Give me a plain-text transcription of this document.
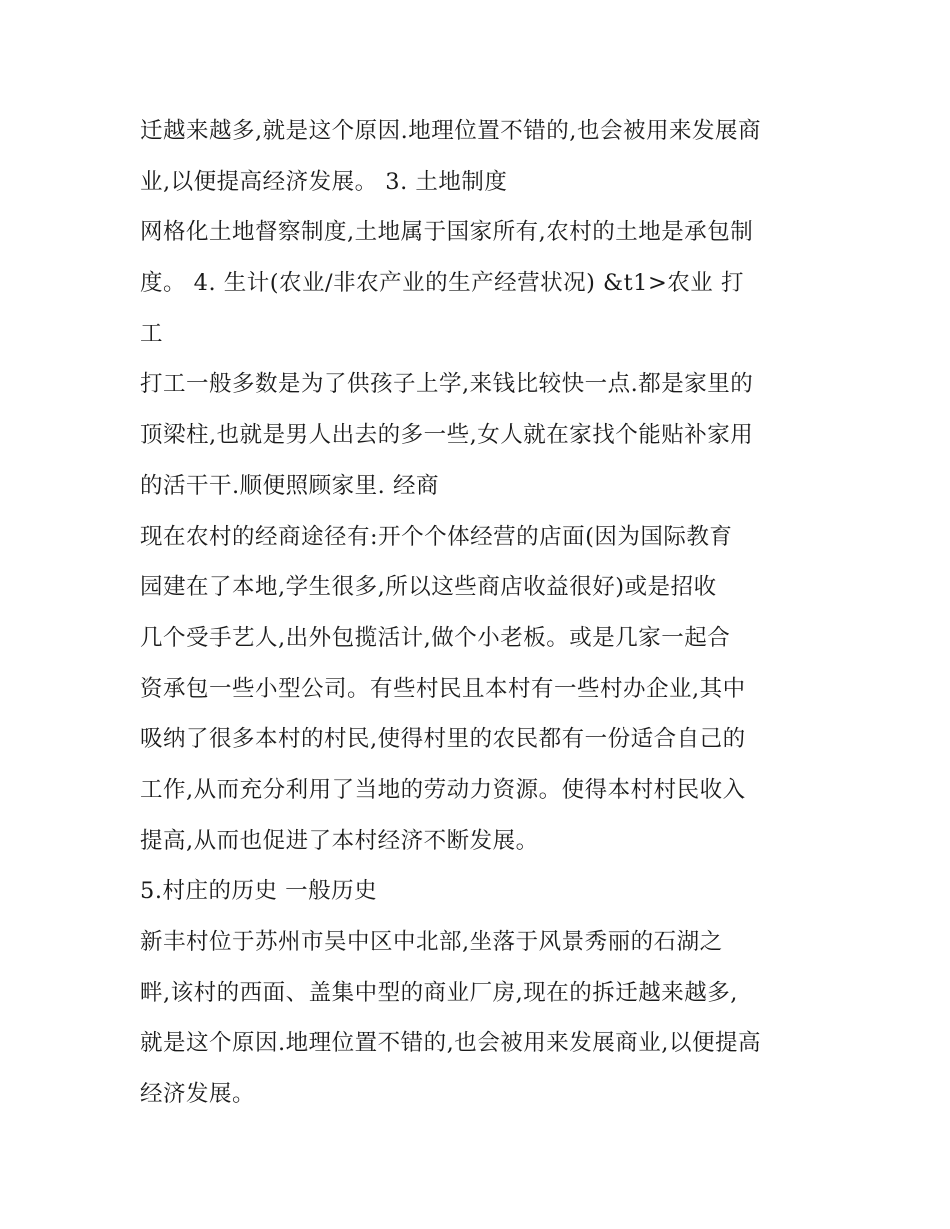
迁越来越多,就是这个原因.地理位置不错的,也会被用来发展商
业,以便提高经济发展。 3. 土地制度
网格化土地督察制度,土地属于国家所有,农村的土地是承包制
度。 4. 生计(农业/非农产业的生产经营状况) &t1>农业 打
工
打工一般多数是为了供孩子上学,来钱比较快一点.都是家里的
顶梁柱,也就是男人出去的多一些,女人就在家找个能贴补家用
的活干干.顺便照顾家里. 经商
现在农村的经商途径有:开个个体经营的店面(因为国际教育
园建在了本地,学生很多,所以这些商店收益很好)或是招收
几个受手艺人,出外包揽活计,做个小老板。或是几家一起合
资承包一些小型公司。有些村民且本村有一些村办企业,其中
吸纳了很多本村的村民,使得村里的农民都有一份适合自己的
工作,从而充分利用了当地的劳动力资源。使得本村村民收入
提高,从而也促进了本村经济不断发展。
5.村庄的历史 一般历史
新丰村位于苏州市吴中区中北部,坐落于风景秀丽的石湖之
畔,该村的西面、盖集中型的商业厂房,现在的拆迁越来越多,
就是这个原因.地理位置不错的,也会被用来发展商业,以便提高
经济发展。
